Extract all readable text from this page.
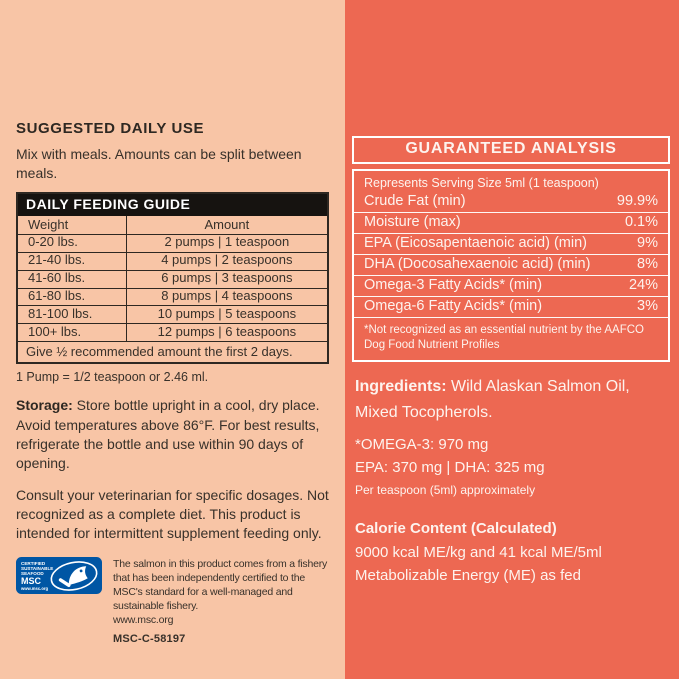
SUGGESTED DAILY USE

Mix with meals. Amounts can be split between meals.

DAILY FEEDING GUIDE	
Weight	Amount
0-20 lbs.	2 pumps | 1 teaspoon
21-40 lbs.	4 pumps | 2 teaspoons
41-60 lbs.	6 pumps | 3 teaspoons
61-80 lbs.	8 pumps | 4 teaspoons
81-100 lbs.	10 pumps | 5 teaspoons
100+ lbs.	12 pumps | 6 teaspoons
Give ½ recommended amount the first 2 days.	

1 Pump = 1/2 teaspoon or 2.46 ml.

Storage: Store bottle upright in a cool, dry place. Avoid temperatures above 86°F. For best results, refrigerate the bottle and use within 90 days of opening.

Consult your veterinarian for specific dosages. Not recognized as a complete diet. This product is intended for intermittent supplement feeding only.

CERTIFIED
SUSTAINABLE
SEAFOOD
MSC
www.msc.org
The salmon in this product comes from a fishery that has been independently certified to the MSC's standard for a well-managed and sustainable fishery.
www.msc.org
MSC-C-58197
GUARANTEED ANALYSIS
Represents Serving Size 5ml (1 teaspoon)
Crude Fat (min)	99.9%
Moisture (max)	0.1%
EPA (Eicosapentaenoic acid) (min)	9%
DHA (Docosahexaenoic acid) (min)	8%
Omega-3 Fatty Acids* (min)	24%
Omega-6 Fatty Acids* (min)	3%
*Not recognized as an essential nutrient by the AAFCO Dog Food Nutrient Profiles

Ingredients: Wild Alaskan Salmon Oil, Mixed Tocopherols.

*OMEGA-3: 970 mg
EPA: 370 mg | DHA: 325 mg
Per teaspoon (5ml) approximately
Calorie Content (Calculated)
9000 kcal ME/kg and 41 kcal ME/5ml
Metabolizable Energy (ME) as fed
